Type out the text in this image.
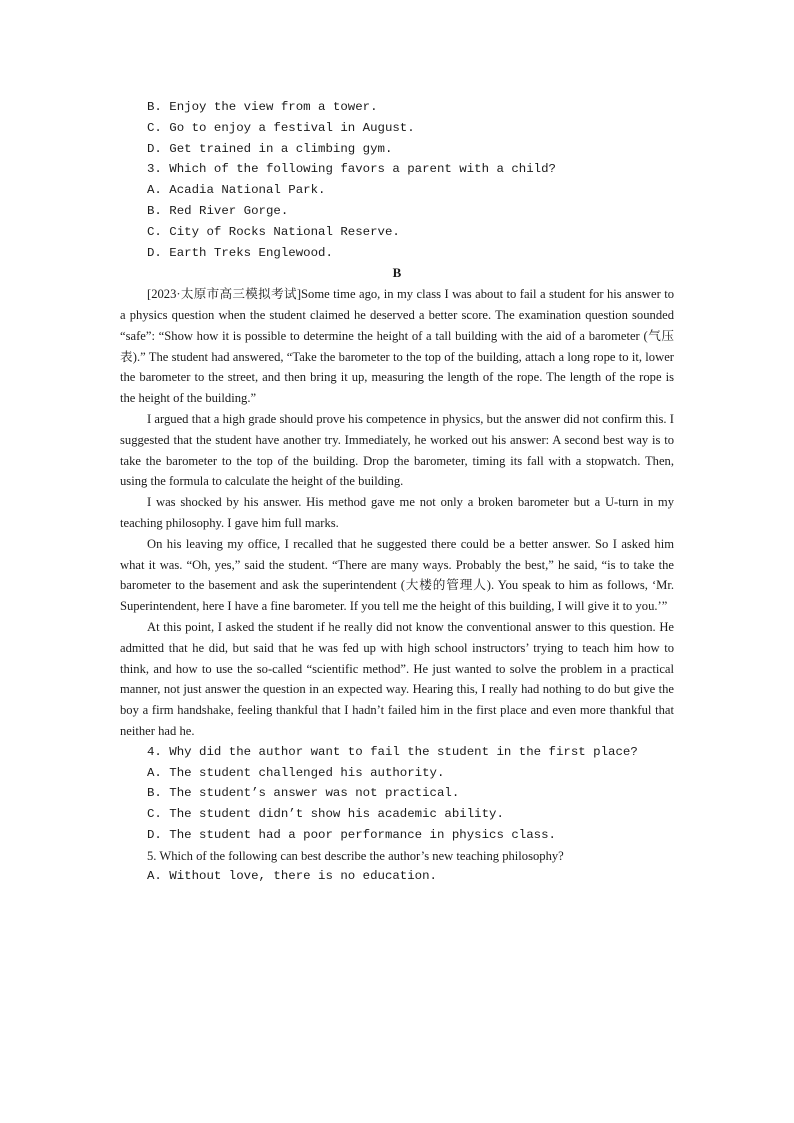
B. Enjoy the view from a tower.
C. Go to enjoy a festival in August.
D. Get trained in a climbing gym.
3. Which of the following favors a parent with a child?
A. Acadia National Park.
B. Red River Gorge.
C. City of Rocks National Reserve.
D. Earth Treks Englewood.
B

[2023·太原市高三模拟考试]Some time ago, in my class I was about to fail a student for his answer to a physics question when the student claimed he deserved a better score. The examination question sounded “safe”: “Show how it is possible to determine the height of a tall building with the aid of a barometer (气压表).” The student had answered, “Take the barometer to the top of the building, attach a long rope to it, lower the barometer to the street, and then bring it up, measuring the length of the rope. The length of the rope is the height of the building.”

I argued that a high grade should prove his competence in physics, but the answer did not confirm this. I suggested that the student have another try. Immediately, he worked out his answer: A second best way is to take the barometer to the top of the building. Drop the barometer, timing its fall with a stopwatch. Then, using the formula to calculate the height of the building.

I was shocked by his answer. His method gave me not only a broken barometer but a U-turn in my teaching philosophy. I gave him full marks.

On his leaving my office, I recalled that he suggested there could be a better answer. So I asked him what it was. “Oh, yes,” said the student. “There are many ways. Probably the best,” he said, “is to take the barometer to the basement and ask the superintendent (大楼的管理人). You speak to him as follows, ‘Mr. Superintendent, here I have a fine barometer. If you tell me the height of this building, I will give it to you.’”

At this point, I asked the student if he really did not know the conventional answer to this question. He admitted that he did, but said that he was fed up with high school instructors’ trying to teach him how to think, and how to use the so-called “scientific method”. He just wanted to solve the problem in a practical manner, not just answer the question in an expected way. Hearing this, I really had nothing to do but give the boy a firm handshake, feeling thankful that I hadn’t failed him in the first place and even more thankful that neither had he.

4. Why did the author want to fail the student in the first place?
A. The student challenged his authority.
B. The student’s answer was not practical.
C. The student didn’t show his academic ability.
D. The student had a poor performance in physics class.

5. Which of the following can best describe the author’s new teaching philosophy?

A. Without love, there is no education.
